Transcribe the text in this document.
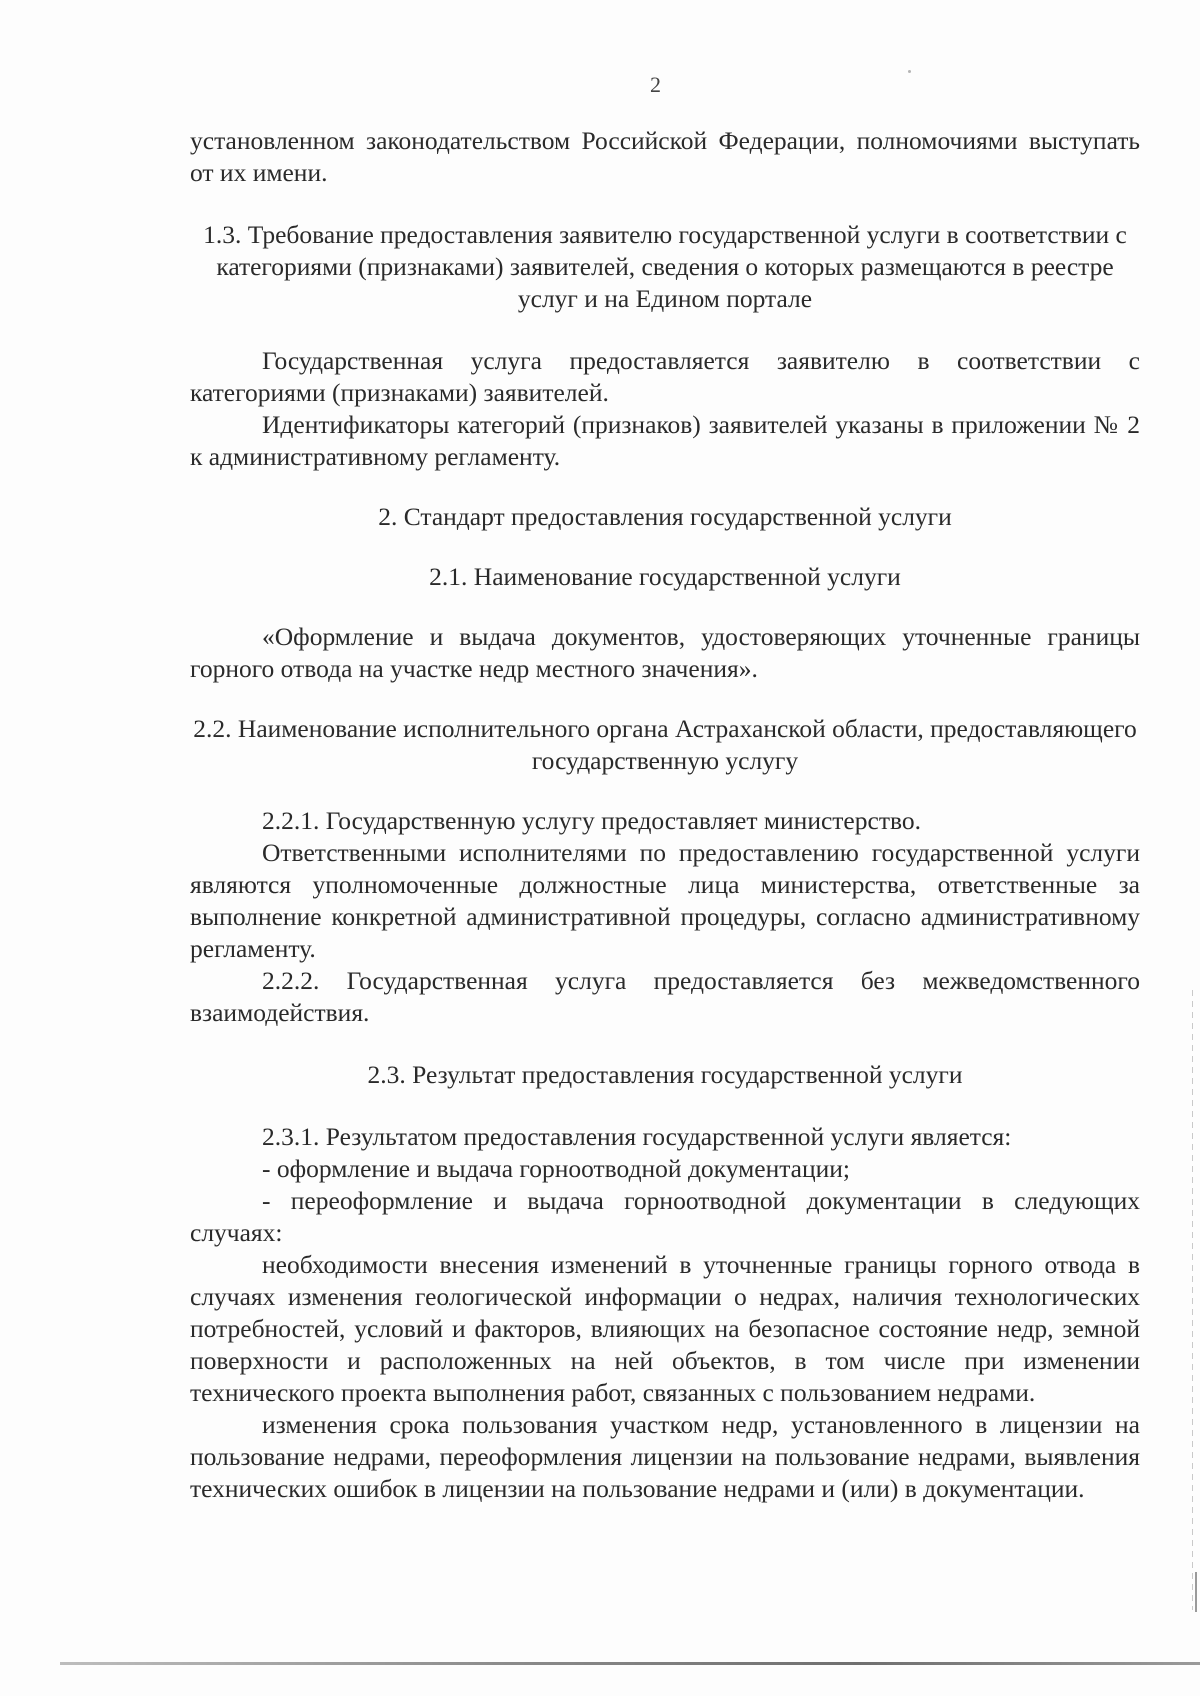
2

установленном законодательством Российской Федерации, полномочиями выступать от их имени.

1.3. Требование предоставления заявителю государственной услуги в соответствии с категориями (признаками) заявителей, сведения о которых размещаются в реестре услуг и на Едином портале

Государственная услуга предоставляется заявителю в соответствии с категориями (признаками) заявителей.

Идентификаторы категорий (признаков) заявителей указаны в приложении № 2 к административному регламенту.

2. Стандарт предоставления государственной услуги

2.1. Наименование государственной услуги

«Оформление и выдача документов, удостоверяющих уточненные границы горного отвода на участке недр местного значения».

2.2. Наименование исполнительного органа Астраханской области, предоставляющего государственную услугу

2.2.1. Государственную услугу предоставляет министерство.

Ответственными исполнителями по предоставлению государственной услуги являются уполномоченные должностные лица министерства, ответственные за выполнение конкретной административной процедуры, согласно административному регламенту.

2.2.2. Государственная услуга предоставляется без межведомственного взаимодействия.

2.3. Результат предоставления государственной услуги

2.3.1. Результатом предоставления государственной услуги является:

- оформление и выдача горноотводной документации;

- переоформление и выдача горноотводной документации в следующих случаях:

необходимости внесения изменений в уточненные границы горного отвода в случаях изменения геологической информации о недрах, наличия технологических потребностей, условий и факторов, влияющих на безопасное состояние недр, земной поверхности и расположенных на ней объектов, в том числе при изменении технического проекта выполнения работ, связанных с пользованием недрами.

изменения срока пользования участком недр, установленного в лицензии на пользование недрами, переоформления лицензии на пользование недрами, выявления технических ошибок в лицензии на пользование недрами и (или) в документации.
